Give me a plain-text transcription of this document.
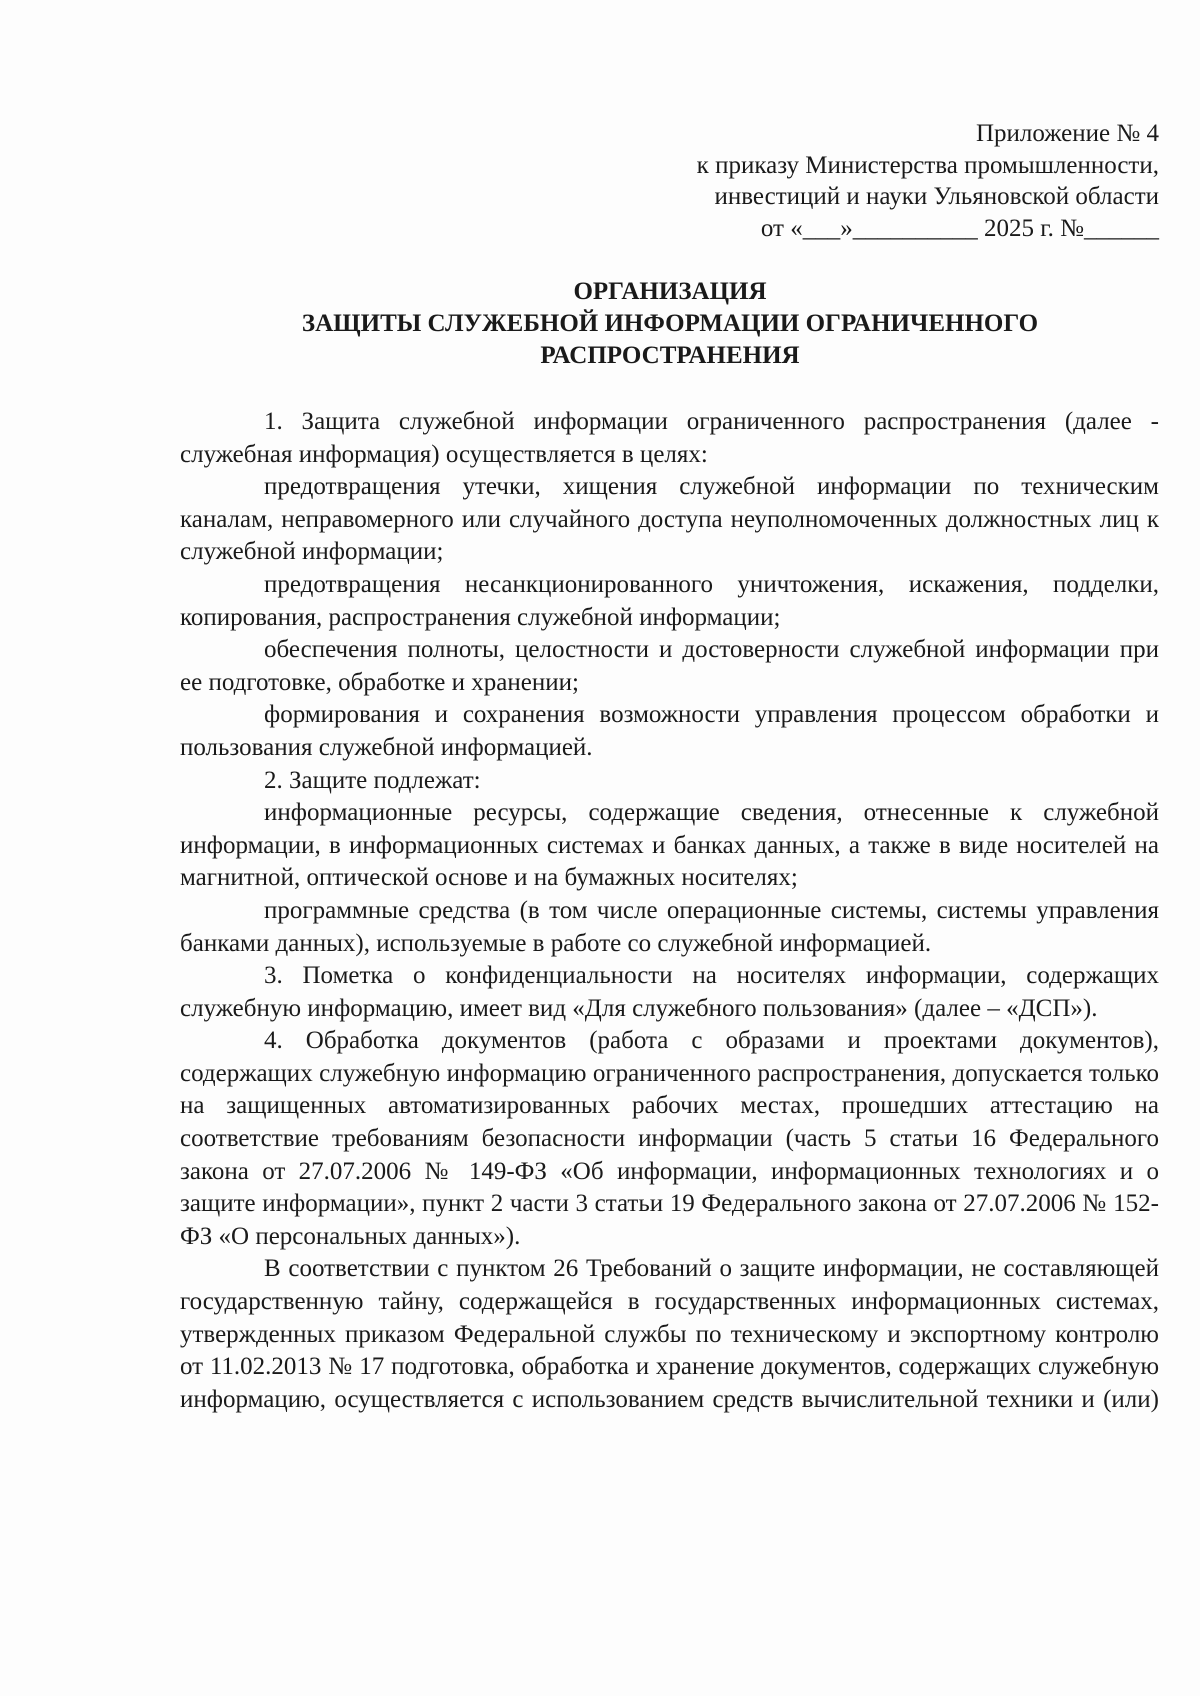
Приложение № 4
к приказу Министерства промышленности,
инвестиций и науки Ульяновской области
от «___»__________ 2025 г. №______
ОРГАНИЗАЦИЯ
ЗАЩИТЫ СЛУЖЕБНОЙ ИНФОРМАЦИИ ОГРАНИЧЕННОГО
РАСПРОСТРАНЕНИЯ

1. Защита служебной информации ограниченного распространения (далее - служебная информация) осуществляется в целях:

предотвращения утечки, хищения служебной информации по техническим каналам, неправомерного или случайного доступа неуполномоченных должностных лиц к служебной информации;

предотвращения несанкционированного уничтожения, искажения, подделки, копирования, распространения служебной информации;

обеспечения полноты, целостности и достоверности служебной информации при ее подготовке, обработке и хранении;

формирования и сохранения возможности управления процессом обработки и пользования служебной информацией.

2. Защите подлежат:

информационные ресурсы, содержащие сведения, отнесенные к служебной информации, в информационных системах и банках данных, а также в виде носителей на магнитной, оптической основе и на бумажных носителях;

программные средства (в том числе операционные системы, системы управления банками данных), используемые в работе со служебной информацией.

3. Пометка о конфиденциальности на носителях информации, содержащих служебную информацию, имеет вид «Для служебного пользования» (далее – «ДСП»).

4. Обработка документов (работа с образами и проектами документов), содержащих служебную информацию ограниченного распространения, допускается только на защищенных автоматизированных рабочих местах, прошедших аттестацию на соответствие требованиям безопасности информации (часть 5 статьи 16 Федерального закона от 27.07.2006 № 149-ФЗ «Об информации, информационных технологиях и о защите информации», пункт 2 части 3 статьи 19 Федерального закона от 27.07.2006 № 152-ФЗ «О персональных данных»).

В соответствии с пунктом 26 Требований о защите информации, не составляющей государственную тайну, содержащейся в государственных информационных системах, утвержденных приказом Федеральной службы по техническому и экспортному контролю от 11.02.2013 № 17 подготовка, обработка и хранение документов, содержащих служебную информацию, осуществляется с использованием средств вычислительной техники и (или)
